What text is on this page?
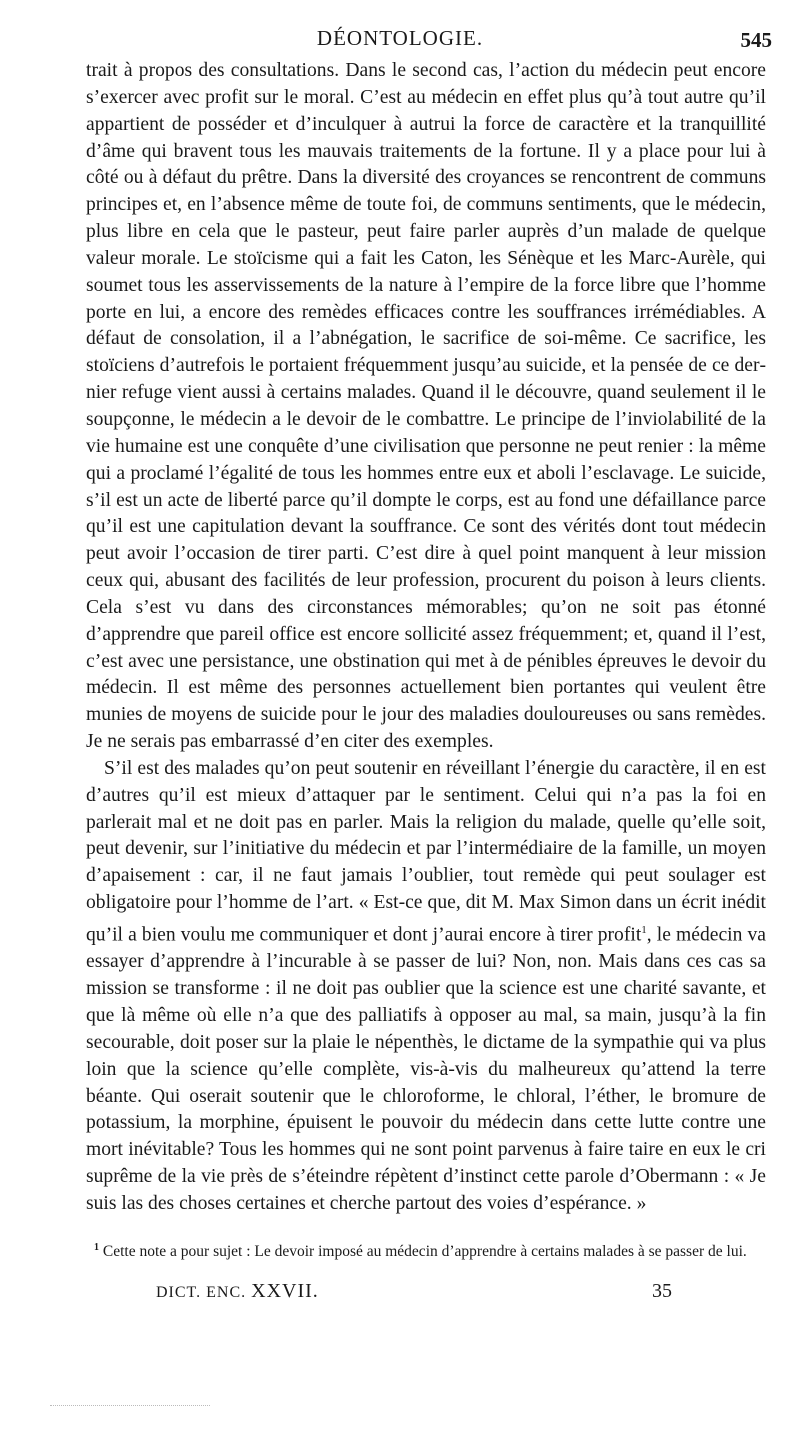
DÉONTOLOGIE.	545

trait à propos des consultations. Dans le second cas, l’action du médecin peut encore s’exercer avec profit sur le moral. C’est au médecin en effet plus qu’à tout autre qu’il appartient de posséder et d’inculquer à autrui la force de caractère et la tranquillité d’âme qui bravent tous les mauvais traitements de la fortune. Il y a place pour lui à côté ou à défaut du prêtre. Dans la diversité des croyances se rencontrent de communs principes et, en l’absence même de toute foi, de communs sentiments, que le médecin, plus libre en cela que le pasteur, peut faire parler auprès d’un malade de quelque valeur morale. Le stoïcisme qui a fait les Caton, les Sénèque et les Marc-Aurèle, qui soumet tous les asservissements de la nature à l’empire de la force libre que l’homme porte en lui, a encore des remèdes efficaces contre les souffrances irrémédiables. A défaut de consolation, il a l’abnégation, le sacrifice de soi-même. Ce sacrifice, les stoïciens d’autrefois le portaient fréquemment jusqu’au suicide, et la pensée de ce dernier refuge vient aussi à certains malades. Quand il le découvre, quand seulement il le soupçonne, le médecin a le devoir de le combattre. Le principe de l’inviolabilité de la vie humaine est une conquête d’une civilisation que personne ne peut renier : la même qui a proclamé l’égalité de tous les hommes entre eux et aboli l’esclavage. Le suicide, s’il est un acte de liberté parce qu’il dompte le corps, est au fond une défaillance parce qu’il est une capitulation devant la souffrance. Ce sont des vérités dont tout médecin peut avoir l’occasion de tirer parti. C’est dire à quel point manquent à leur mission ceux qui, abusant des facilités de leur profession, procurent du poison à leurs clients. Cela s’est vu dans des circonstances mémorables; qu’on ne soit pas étonné d’apprendre que pareil office est encore sollicité assez fréquemment; et, quand il l’est, c’est avec une persistance, une obstination qui met à de pénibles épreuves le devoir du médecin. Il est même des personnes actuellement bien portantes qui veulent être munies de moyens de suicide pour le jour des maladies douloureuses ou sans remèdes. Je ne serais pas embarrassé d’en citer des exemples.

S’il est des malades qu’on peut soutenir en réveillant l’énergie du caractère, il en est d’autres qu’il est mieux d’attaquer par le sentiment. Celui qui n’a pas la foi en parlerait mal et ne doit pas en parler. Mais la religion du malade, quelle qu’elle soit, peut devenir, sur l’initiative du médecin et par l’intermédiaire de la famille, un moyen d’apaisement : car, il ne faut jamais l’oublier, tout remède qui peut soulager est obligatoire pour l’homme de l’art. « Est-ce que, dit M. Max Simon dans un écrit inédit qu’il a bien voulu me communiquer et dont j’aurai encore à tirer profit$^1$, le médecin va essayer d’apprendre à l’incurable à se passer de lui? Non, non. Mais dans ces cas sa mission se transforme : il ne doit pas oublier que la science est une charité savante, et que là même où elle n’a que des palliatifs à opposer au mal, sa main, jusqu’à la fin secourable, doit poser sur la plaie le népenthès, le dictame de la sympathie qui va plus loin que la science qu’elle complète, vis-à-vis du malheureux qu’attend la terre béante. Qui oserait soutenir que le chloroforme, le chloral, l’éther, le bromure de potassium, la morphine, épuisent le pouvoir du médecin dans cette lutte contre une mort inévitable? Tous les hommes qui ne sont point parvenus à faire taire en eux le cri suprême de la vie près de s’éteindre répètent d’instinct cette parole d’Obermann : « Je suis las des choses certaines et cherche partout des voies d’espérance. »

$^1$ Cette note a pour sujet : Le devoir imposé au médecin d’apprendre à certains malades à se passer de lui.
DICT. ENC. XXVII.	35
